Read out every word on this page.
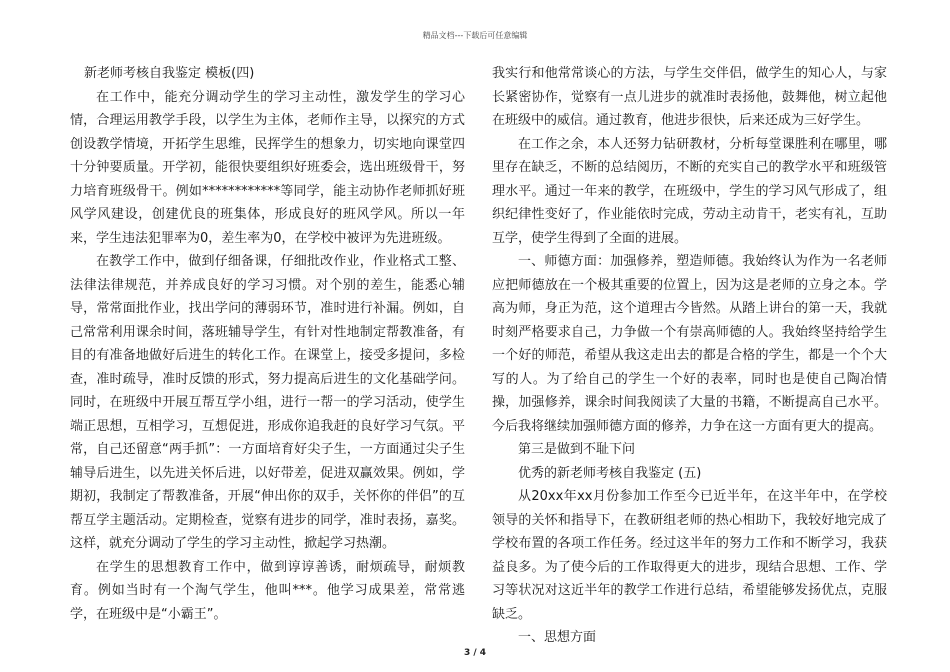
精品文档---下载后可任意编辑

新老师考核自我鉴定 模板(四)

在工作中，能充分调动学生的学习主动性，激发学生的学习心情，合理运用教学手段，以学生为主体，老师作主导，以探究的方式创设教学情境，开拓学生思维，民挥学生的想象力，切实地向课堂四十分钟要质量。开学初，能很快要组织好班委会，选出班级骨干，努力培育班级骨干。例如************等同学，能主动协作老师抓好班风学风建设，创建优良的班集体，形成良好的班风学风。所以一年来，学生违法犯罪率为0，差生率为0，在学校中被评为先进班级。

在教学工作中，做到仔细备课，仔细批改作业，作业格式工整、法律法律规范，并养成良好的学习习惯。对个别的差生，能悉心辅导，常常面批作业，找出学问的薄弱环节，准时进行补漏。例如，自己常常利用课余时间，落班辅导学生，有针对性地制定帮教准备，有目的有准备地做好后进生的转化工作。在课堂上，接受多提问，多检查，准时疏导，准时反馈的形式，努力提高后进生的文化基础学问。同时，在班级中开展互帮互学小组，进行一帮一的学习活动，使学生端正思想，互相学习，互想促进，形成你追我赶的良好学习气氛。平常，自己还留意“两手抓”：一方面培育好尖子生，一方面通过尖子生辅导后进生，以先进关怀后进，以好带差，促进双赢效果。例如，学期初，我制定了帮教准备，开展“伸出你的双手，关怀你的伴侣”的互帮互学主题活动。定期检查，觉察有进步的同学，准时表扬，嘉奖。这样，就充分调动了学生的学习主动性，掀起学习热潮。

在学生的思想教育工作中，做到谆谆善诱，耐烦疏导，耐烦教育。例如当时有一个淘气学生，他叫***。他学习成果差，常常逃学，在班级中是“小霸王”。

我实行和他常常谈心的方法，与学生交伴侣，做学生的知心人，与家长紧密协作，觉察有一点儿进步的就准时表扬他，鼓舞他，树立起他在班级中的威信。通过教育，他进步很快，后来还成为三好学生。

在工作之余，本人还努力钻研教材，分析每堂课胜利在哪里，哪里存在缺乏，不断的总结阅历，不断的充实自己的教学水平和班级管理水平。通过一年来的教学，在班级中，学生的学习风气形成了，组织纪律性变好了，作业能依时完成，劳动主动肯干，老实有礼，互助互学，使学生得到了全面的进展。

一、师德方面：加强修养，塑造师德。我始终认为作为一名老师应把师德放在一个极其重要的位置上，因为这是老师的立身之本。学高为师，身正为范，这个道理古今皆然。从踏上讲台的第一天，我就时刻严格要求自己，力争做一个有崇高师德的人。我始终坚持给学生一个好的师范，希望从我这走出去的都是合格的学生，都是一个个大写的人。为了给自己的学生一个好的表率，同时也是使自己陶冶情操，加强修养，课余时间我阅读了大量的书籍，不断提高自己水平。今后我将继续加强师德方面的修养，力争在这一方面有更大的提高。

第三是做到不耻下问

优秀的新老师考核自我鉴定 (五)

从20xx年xx月份参加工作至今已近半年，在这半年中，在学校领导的关怀和指导下，在教研组老师的热心相助下，我较好地完成了学校布置的各项工作任务。经过这半年的努力工作和不断学习，我获益良多。为了使今后的工作取得更大的进步，现结合思想、工作、学习等状况对这近半年的教学工作进行总结，希望能够发扬优点，克服缺乏。

一、思想方面

3 / 4
